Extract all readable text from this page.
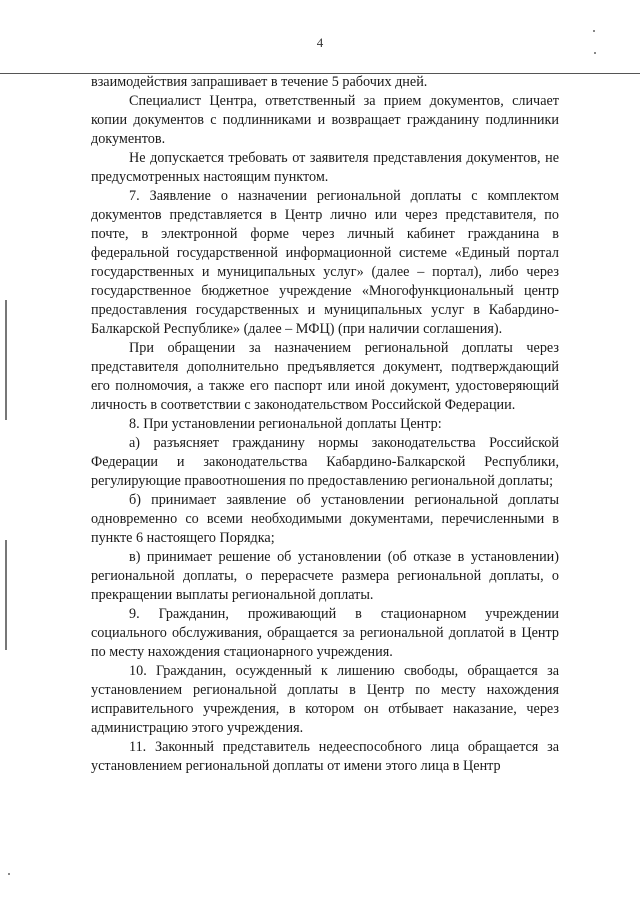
4

взаимодействия запрашивает в течение 5 рабочих дней.

Специалист Центра, ответственный за прием документов, сличает копии документов с подлинниками и возвращает гражданину подлинники документов.

Не допускается требовать от заявителя представления документов, не предусмотренных настоящим пунктом.

7. Заявление о назначении региональной доплаты с комплектом документов представляется в Центр лично или через представителя, по почте, в электронной форме через личный кабинет гражданина в федеральной государственной информационной системе «Единый портал государственных и муниципальных услуг» (далее – портал), либо через государственное бюджетное учреждение «Многофункциональный центр предоставления государственных и муниципальных услуг в Кабардино-Балкарской Республике» (далее – МФЦ) (при наличии соглашения).

При обращении за назначением региональной доплаты через представителя дополнительно предъявляется документ, подтверждающий его полномочия, а также его паспорт или иной документ, удостоверяющий личность в соответствии с законодательством Российской Федерации.

8. При установлении региональной доплаты Центр:

а) разъясняет гражданину нормы законодательства Российской Федерации и законодательства Кабардино-Балкарской Республики, регулирующие правоотношения по предоставлению региональной доплаты;

б) принимает заявление об установлении региональной доплаты одновременно со всеми необходимыми документами, перечисленными в пункте 6 настоящего Порядка;

в) принимает решение об установлении (об отказе в установлении) региональной доплаты, о перерасчете размера региональной доплаты, о прекращении выплаты региональной доплаты.

9. Гражданин, проживающий в стационарном учреждении социального обслуживания, обращается за региональной доплатой в Центр по месту нахождения стационарного учреждения.

10. Гражданин, осужденный к лишению свободы, обращается за установлением региональной доплаты в Центр по месту нахождения исправительного учреждения, в котором он отбывает наказание, через администрацию этого учреждения.

11. Законный представитель недееспособного лица обращается за установлением региональной доплаты от имени этого лица в Центр
